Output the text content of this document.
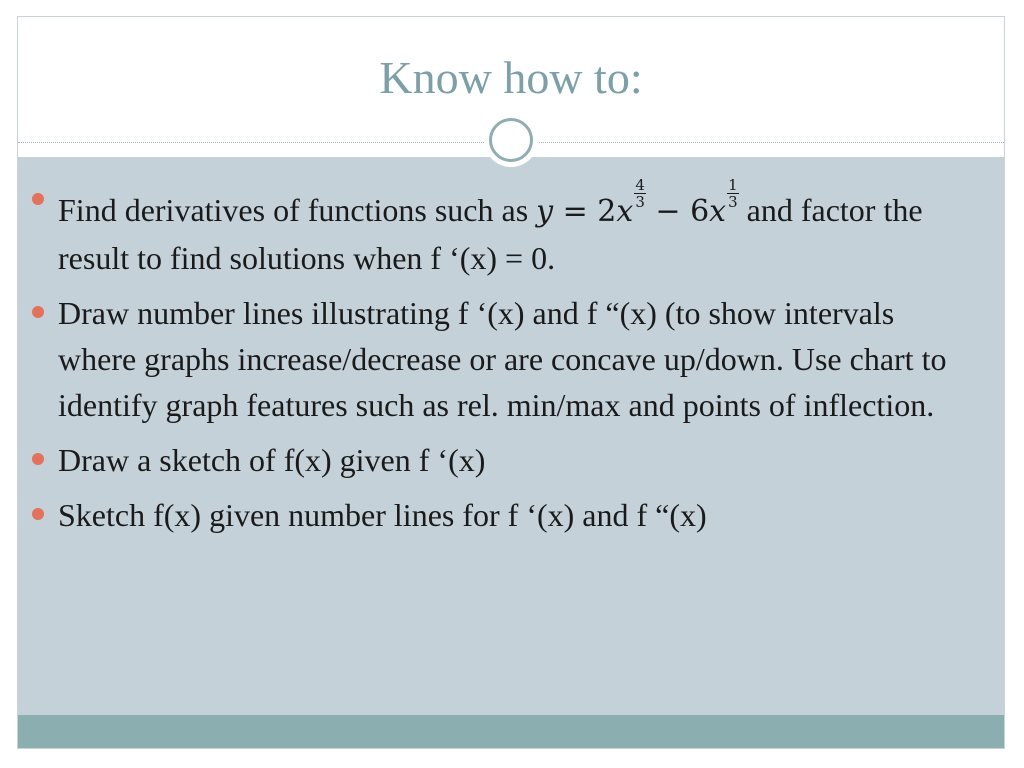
Know how to:
Find derivatives of functions such as y = 2x
$\frac{4}{3}$
− 6x
$\frac{1}{3}$ and factor the result to find solutions when f ‘(x) = 0.
Draw number lines illustrating f ‘(x) and f “(x) (to show intervals where graphs increase/decrease or are concave up/down. Use chart to identify graph features such as rel. min/max and points of inflection.
Draw a sketch of f(x) given f ‘(x)
Sketch f(x) given number lines for f ‘(x) and f “(x)
